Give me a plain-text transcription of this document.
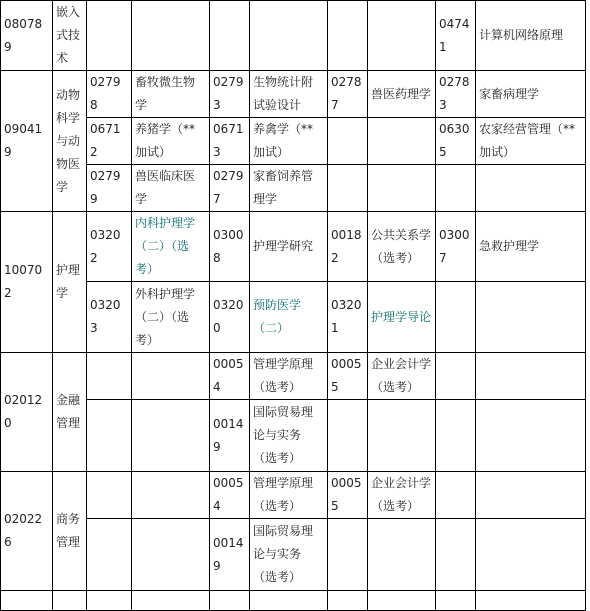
080789	嵌入式技术							04741	计算机网络原理
090419	动物科学与动物医学	02798	畜牧微生物学	02793	生物统计附试验设计	02787	兽医药理学	02783	家畜病理学
		06712	养猪学（**加试）	06713	养禽学（**加试）			06305	农家经营管理（**加试）
		02799	兽医临床医学	02797	家畜饲养管理学				
100702	护理学	03202	内科护理学（二）（选考）	03008	护理学研究	00182	公共关系学（选考）	03007	急救护理学
		03203	外科护理学（二）（选考）	03200	预防医学（二）	03201	护理学导论		
020120	金融管理			00054	管理学原理（选考）	00055	企业会计学（选考）		
				00149	国际贸易理论与实务（选考）				
020226	商务管理			00054	管理学原理（选考）	00055	企业会计学（选考）		
				00149	国际贸易理论与实务（选考）				
